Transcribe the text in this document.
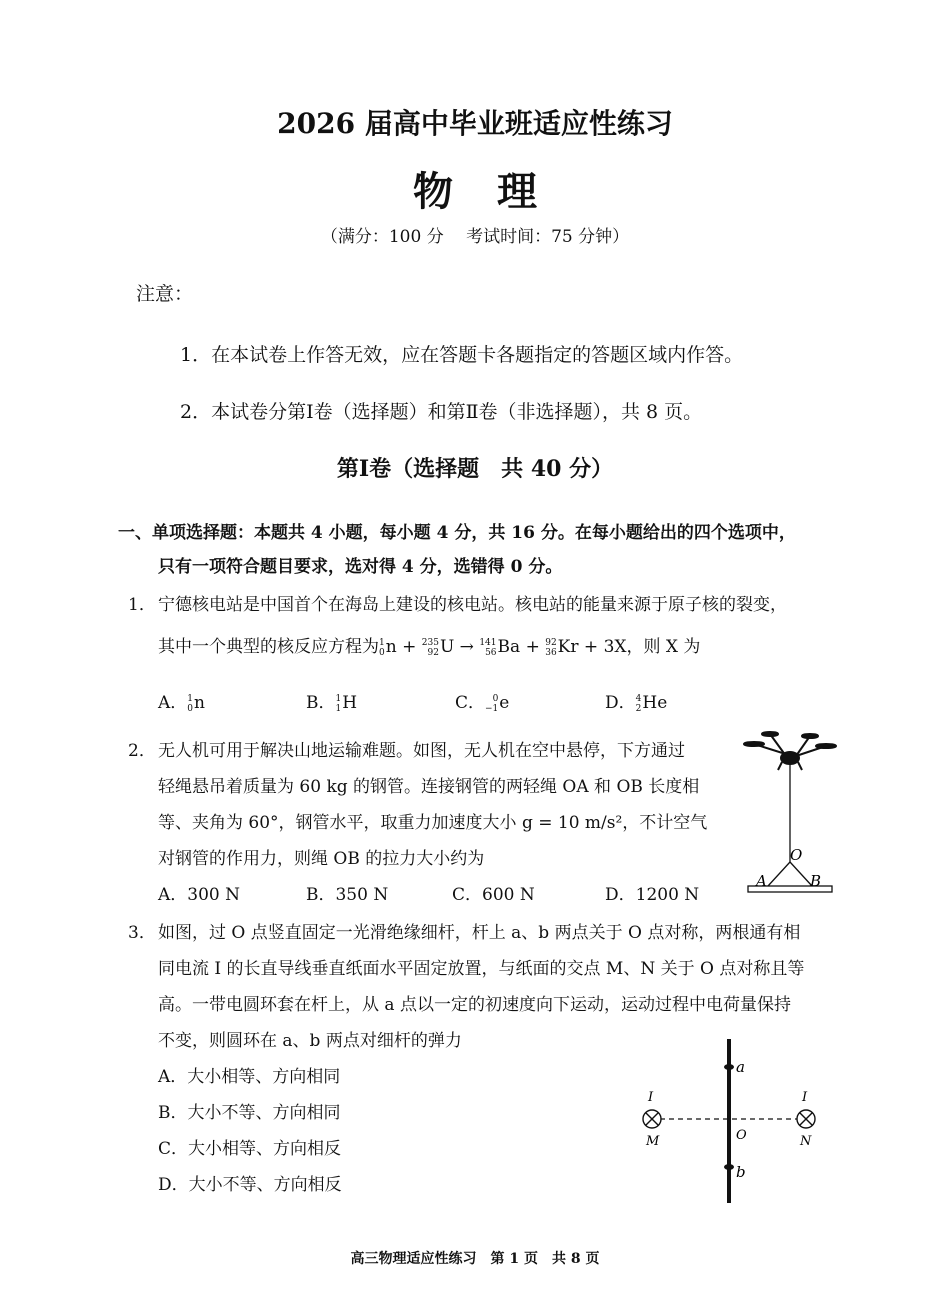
2026 届高中毕业班适应性练习
物理
（满分：100 分　 考试时间：75 分钟）
注意：
1．在本试卷上作答无效，应在答题卡各题指定的答题区域内作答。
2．本试卷分第Ⅰ卷（选择题）和第Ⅱ卷（非选择题），共 8 页。
第Ⅰ卷（选择题　共 40 分）
一、单项选择题：本题共 4 小题，每小题 4 分，共 16 分。在每小题给出的四个选项中，
只有一项符合题目要求，选对得 4 分，选错得 0 分。
1． 宁德核电站是中国首个在海岛上建设的核电站。核电站的能量来源于原子核的裂变，
其中一个典型的核反应方程为1
0n + 235
92U → 141
56Ba + 92
36Kr + 3X，则 X 为
A．1
0n	B．1
1H	C． 0
−1e	D．4
2He
2． 无人机可用于解决山地运输难题。如图，无人机在空中悬停，下方通过
轻绳悬吊着质量为 60 kg 的钢管。连接钢管的两轻绳 OA 和 OB 长度相
等、夹角为 60°，钢管水平，取重力加速度大小 g = 10 m/s²，不计空气
对钢管的作用力，则绳 OB 的拉力大小约为
A．300 N	B．350 N	C．600 N	D．1200 N
O
A	B
3． 如图，过 O 点竖直固定一光滑绝缘细杆，杆上 a、b 两点关于 O 点对称，两根通有相
同电流 I 的长直导线垂直纸面水平固定放置，与纸面的交点 M、N 关于 O 点对称且等
高。一带电圆环套在杆上，从 a 点以一定的初速度向下运动，运动过程中电荷量保持
不变，则圆环在 a、b 两点对细杆的弹力
A．大小相等、方向相同
B．大小不等、方向相同
C．大小相等、方向相反
D．大小不等、方向相反
a
b
O
I	I
M	N
高三物理适应性练习　第 1 页　共 8 页
